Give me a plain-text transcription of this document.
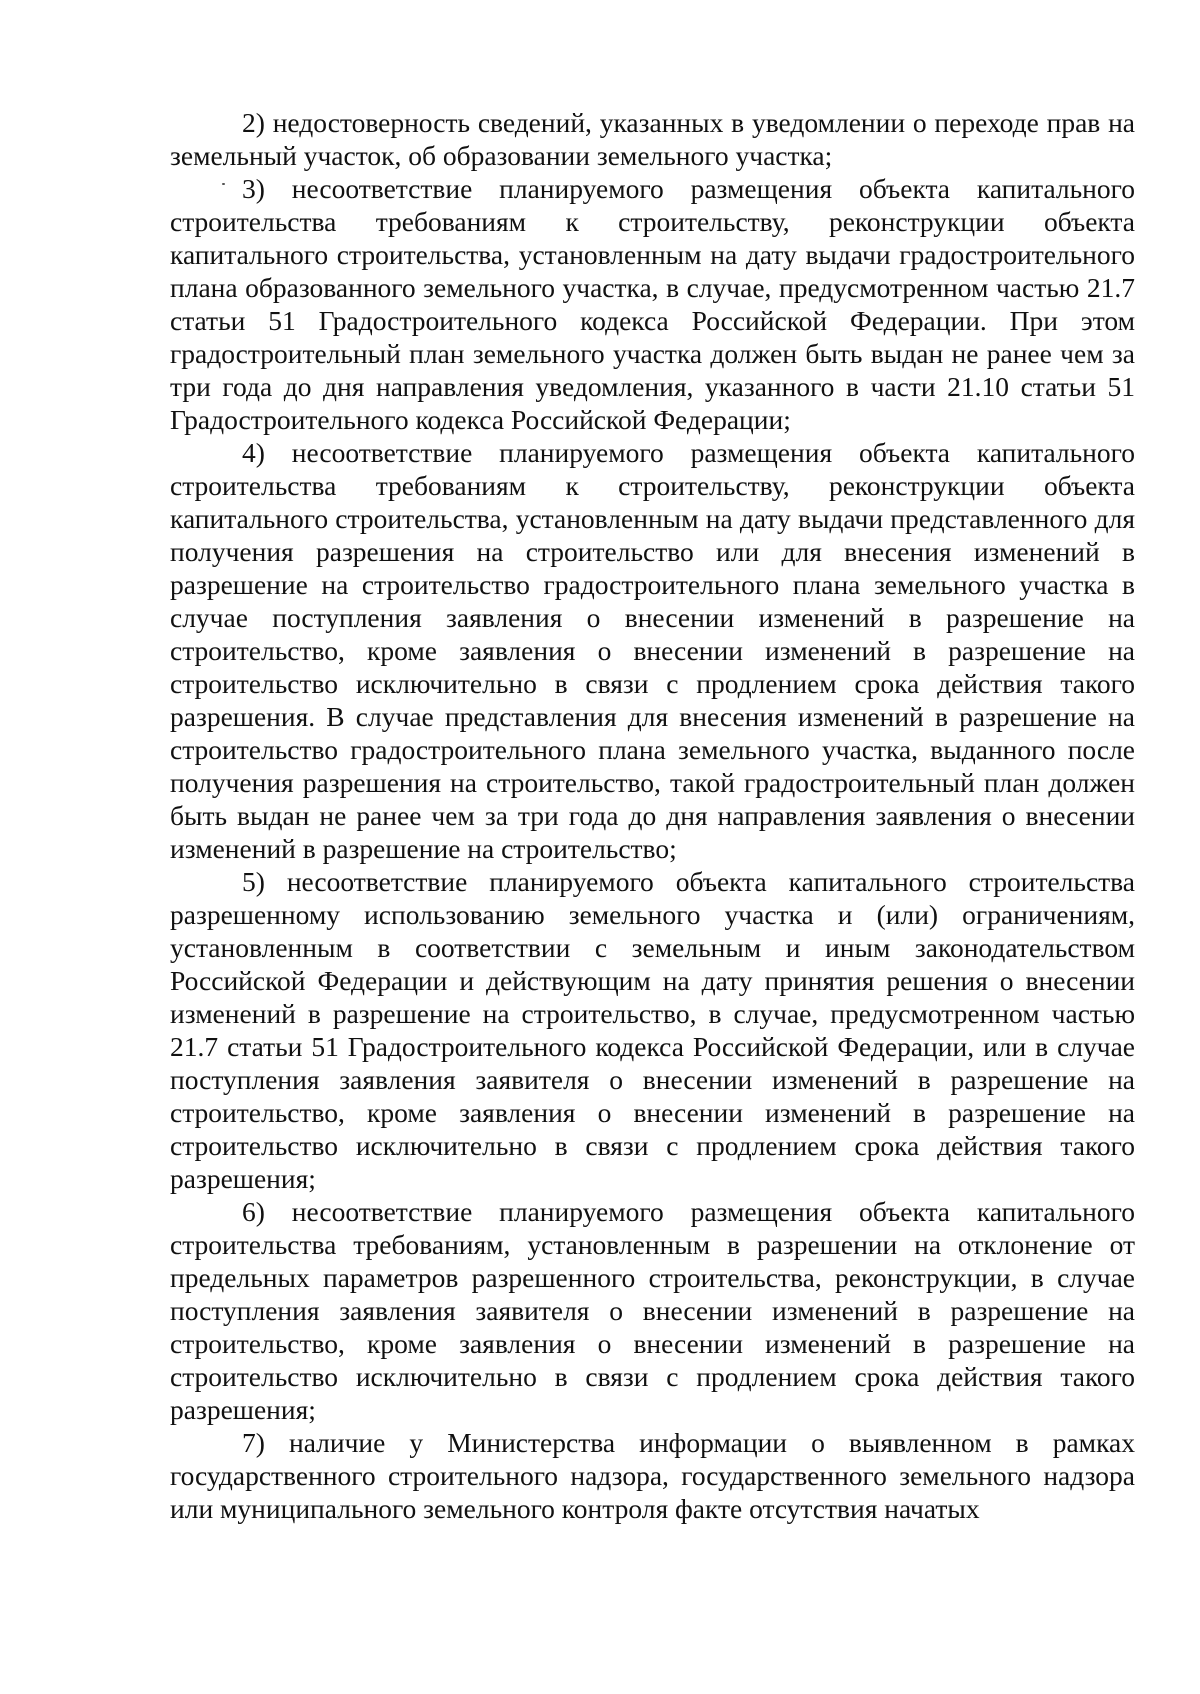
2) недостоверность сведений, указанных в уведомлении о переходе прав на земельный участок, об образовании земельного участка;

3) несоответствие планируемого размещения объекта капитального строительства требованиям к строительству, реконструкции объекта капитального строительства, установленным на дату выдачи градостроительного плана образованного земельного участка, в случае, предусмотренном частью 21.7 статьи 51 Градостроительного кодекса Российской Федерации. При этом градостроительный план земельного участка должен быть выдан не ранее чем за три года до дня направления уведомления, указанного в части 21.10 статьи 51 Градостроительного кодекса Российской Федерации;

4) несоответствие планируемого размещения объекта капитального строительства требованиям к строительству, реконструкции объекта капитального строительства, установленным на дату выдачи представленного для получения разрешения на строительство или для внесения изменений в разрешение на строительство градостроительного плана земельного участка в случае поступления заявления о внесении изменений в разрешение на строительство, кроме заявления о внесении изменений в разрешение на строительство исключительно в связи с продлением срока действия такого разрешения. В случае представления для внесения изменений в разрешение на строительство градостроительного плана земельного участка, выданного после получения разрешения на строительство, такой градостроительный план должен быть выдан не ранее чем за три года до дня направления заявления о внесении изменений в разрешение на строительство;

5) несоответствие планируемого объекта капитального строительства разрешенному использованию земельного участка и (или) ограничениям, установленным в соответствии с земельным и иным законодательством Российской Федерации и действующим на дату принятия решения о внесении изменений в разрешение на строительство, в случае, предусмотренном частью 21.7 статьи 51 Градостроительного кодекса Российской Федерации, или в случае поступления заявления заявителя о внесении изменений в разрешение на строительство, кроме заявления о внесении изменений в разрешение на строительство исключительно в связи с продлением срока действия такого разрешения;

6) несоответствие планируемого размещения объекта капитального строительства требованиям, установленным в разрешении на отклонение от предельных параметров разрешенного строительства, реконструкции, в случае поступления заявления заявителя о внесении изменений в разрешение на строительство, кроме заявления о внесении изменений в разрешение на строительство исключительно в связи с продлением срока действия такого разрешения;

7) наличие у Министерства информации о выявленном в рамках государственного строительного надзора, государственного земельного надзора или муниципального земельного контроля факте отсутствия начатых
